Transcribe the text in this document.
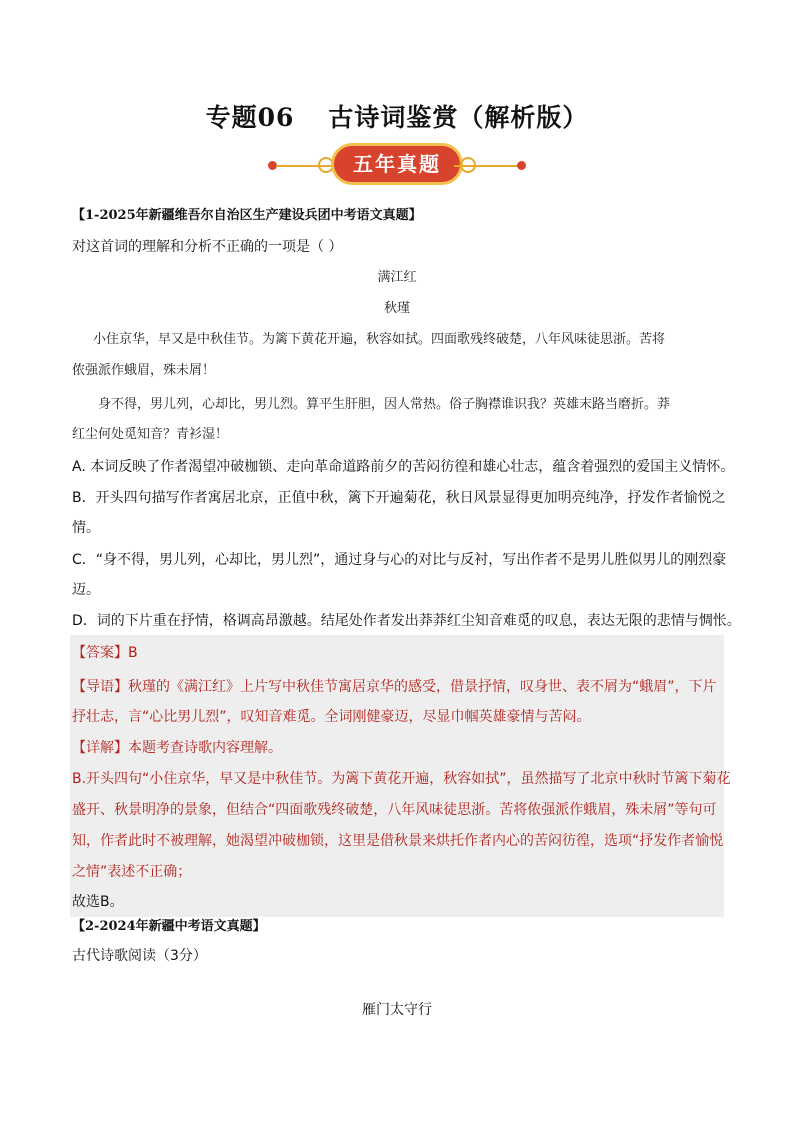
专题06 古诗词鉴赏（解析版）
五年真题
【1-2025年新疆维吾尔自治区生产建设兵团中考语文真题】
对这首词的理解和分析不正确的一项是（ ）
满江红
秋瑾
小住京华，早又是中秋佳节。为篱下黄花开遍，秋容如拭。四面歌残终破楚，八年风味徒思浙。苦将
侬强派作蛾眉，殊未屑！
身不得，男儿列，心却比，男儿烈。算平生肝胆，因人常热。俗子胸襟谁识我？英雄末路当磨折。莽
红尘何处觅知音？青衫湿！
A. 本词反映了作者渴望冲破枷锁、走向革命道路前夕的苦闷彷徨和雄心壮志，蕴含着强烈的爱国主义情怀。
B．开头四句描写作者寓居北京，正值中秋，篱下开遍菊花，秋日风景显得更加明亮纯净，抒发作者愉悦之
情。
C．“身不得，男儿列，心却比，男儿烈”，通过身与心的对比与反衬，写出作者不是男儿胜似男儿的刚烈豪
迈。
D．词的下片重在抒情，格调高昂激越。结尾处作者发出莽莽红尘知音难觅的叹息，表达无限的悲情与惆怅。
【答案】B
【导语】秋瑾的《满江红》上片写中秋佳节寓居京华的感受，借景抒情，叹身世、表不屑为“蛾眉”，下片
抒壮志，言“心比男儿烈”，叹知音难觅。全词刚健豪迈，尽显巾帼英雄豪情与苦闷。
【详解】本题考查诗歌内容理解。
B.开头四句“小住京华，早又是中秋佳节。为篱下黄花开遍，秋容如拭”，虽然描写了北京中秋时节篱下菊花
盛开、秋景明净的景象，但结合“四面歌残终破楚，八年风味徒思浙。苦将侬强派作蛾眉，殊未屑”等句可
知，作者此时不被理解，她渴望冲破枷锁，这里是借秋景来烘托作者内心的苦闷彷徨，选项“抒发作者愉悦
之情”表述不正确；
故选B。
【2-2024年新疆中考语文真题】
古代诗歌阅读（3分）
雁门太守行
